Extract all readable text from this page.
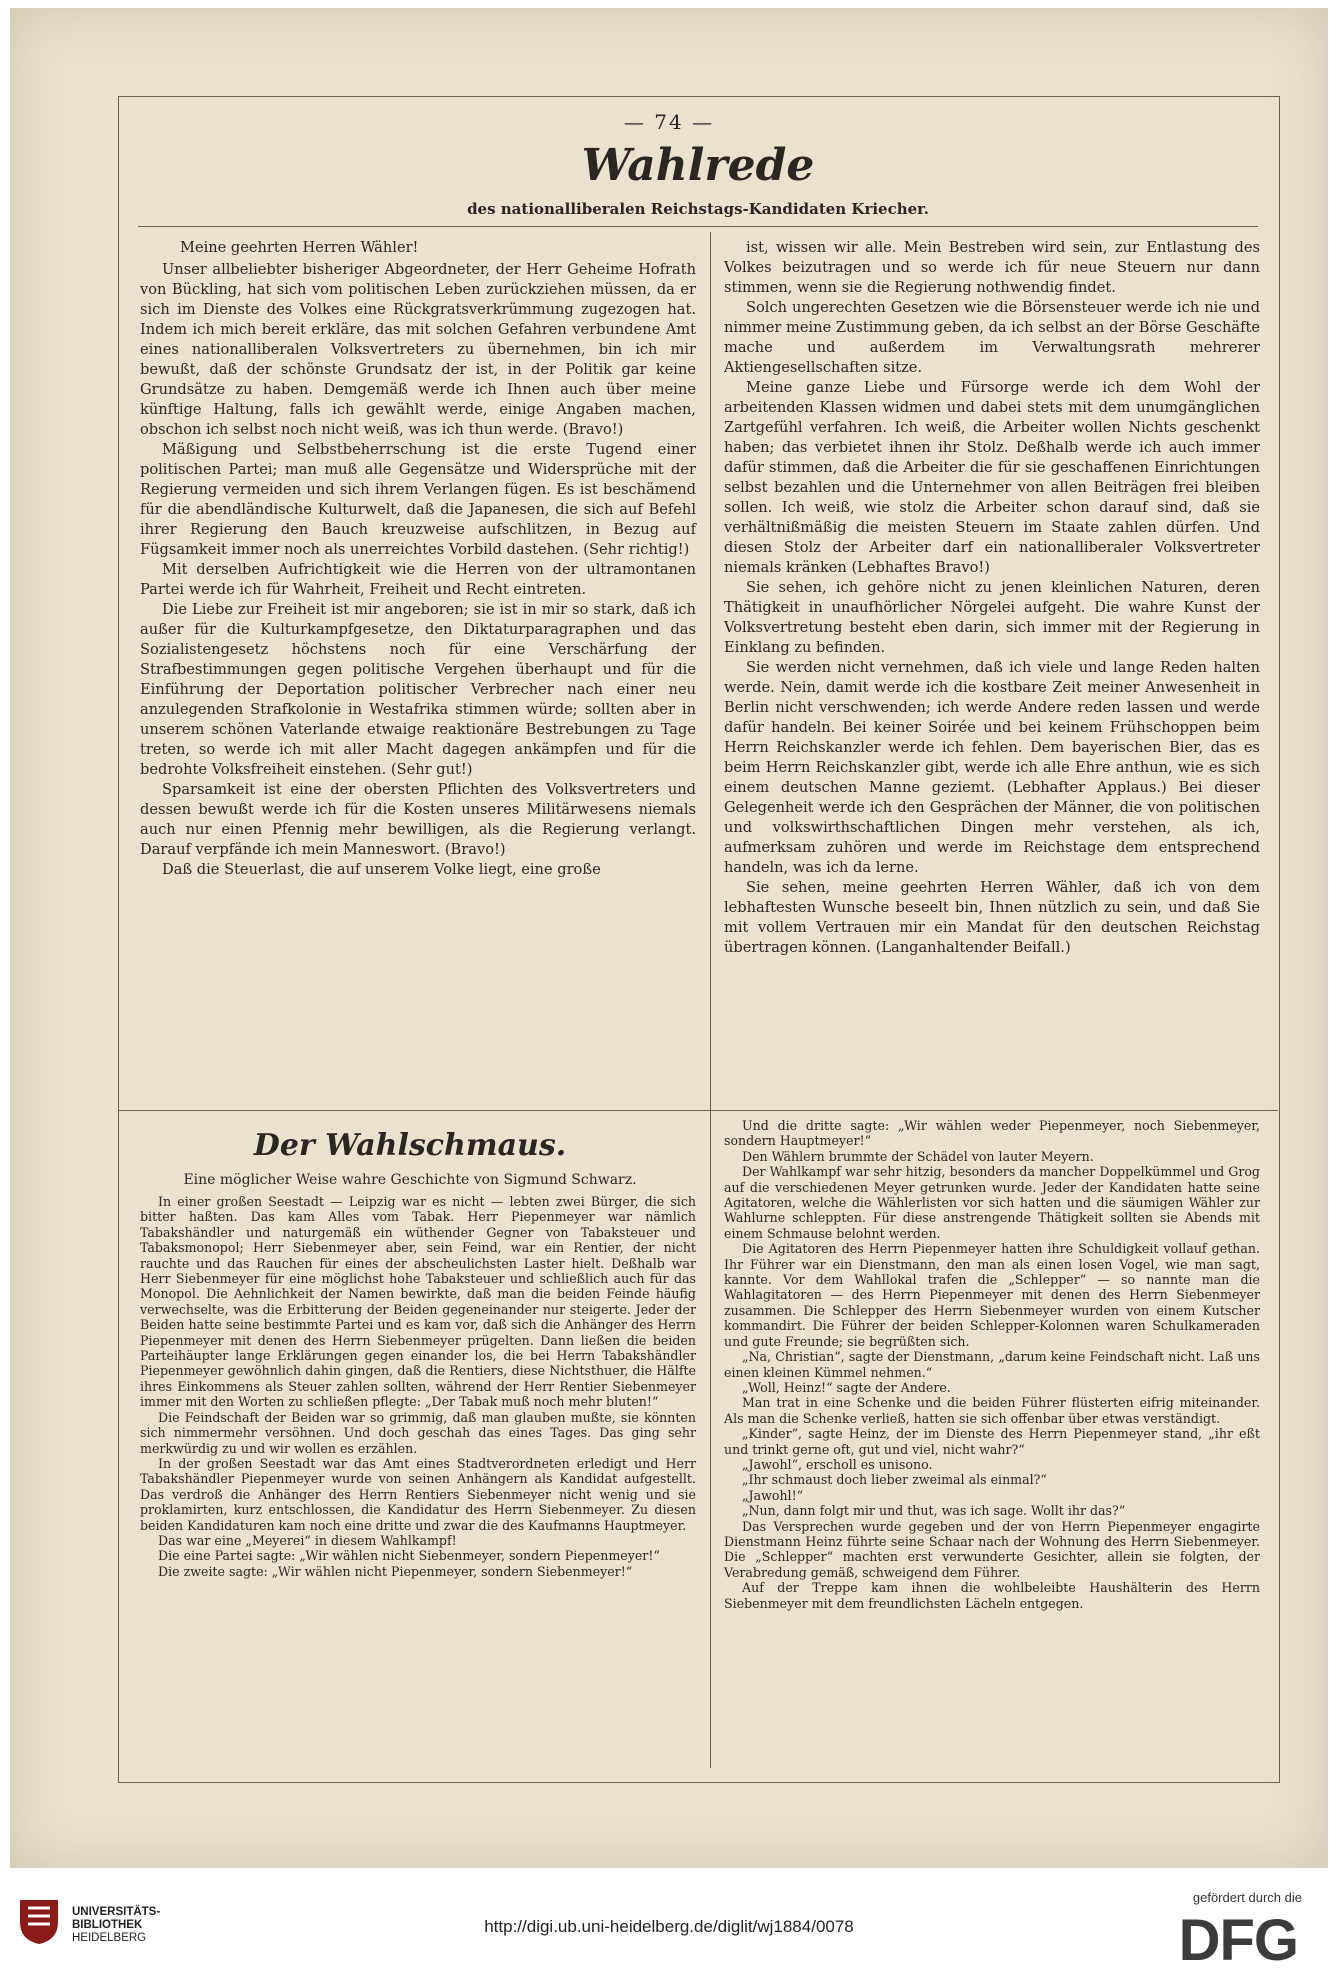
— 74 —
Wahlrede
des nationalliberalen Reichstags-Kandidaten Kriecher.

Meine geehrten Herren Wähler!

Unser allbeliebter bisheriger Abgeordneter, der Herr Geheime Hofrath von Bückling, hat sich vom politischen Leben zurückziehen müssen, da er sich im Dienste des Volkes eine Rückgratsverkrümmung zugezogen hat. Indem ich mich bereit erkläre, das mit solchen Gefahren verbundene Amt eines nationalliberalen Volksvertreters zu übernehmen, bin ich mir bewußt, daß der schönste Grundsatz der ist, in der Politik gar keine Grundsätze zu haben. Demgemäß werde ich Ihnen auch über meine künftige Haltung, falls ich gewählt werde, einige Angaben machen, obschon ich selbst noch nicht weiß, was ich thun werde. (Bravo!)

Mäßigung und Selbstbeherrschung ist die erste Tugend einer politischen Partei; man muß alle Gegensätze und Widersprüche mit der Regierung vermeiden und sich ihrem Verlangen fügen. Es ist beschämend für die abendländische Kulturwelt, daß die Japanesen, die sich auf Befehl ihrer Regierung den Bauch kreuzweise aufschlitzen, in Bezug auf Fügsamkeit immer noch als unerreichtes Vorbild dastehen. (Sehr richtig!)

Mit derselben Aufrichtigkeit wie die Herren von der ultramontanen Partei werde ich für Wahrheit, Freiheit und Recht eintreten.

Die Liebe zur Freiheit ist mir angeboren; sie ist in mir so stark, daß ich außer für die Kulturkampfgesetze, den Diktaturparagraphen und das Sozialistengesetz höchstens noch für eine Verschärfung der Strafbestimmungen gegen politische Vergehen überhaupt und für die Einführung der Deportation politischer Verbrecher nach einer neu anzulegenden Strafkolonie in Westafrika stimmen würde; sollten aber in unserem schönen Vaterlande etwaige reaktionäre Bestrebungen zu Tage treten, so werde ich mit aller Macht dagegen ankämpfen und für die bedrohte Volksfreiheit einstehen. (Sehr gut!)

Sparsamkeit ist eine der obersten Pflichten des Volksvertreters und dessen bewußt werde ich für die Kosten unseres Militärwesens niemals auch nur einen Pfennig mehr bewilligen, als die Regierung verlangt. Darauf verpfände ich mein Manneswort. (Bravo!)

Daß die Steuerlast, die auf unserem Volke liegt, eine große

ist, wissen wir alle. Mein Bestreben wird sein, zur Entlastung des Volkes beizutragen und so werde ich für neue Steuern nur dann stimmen, wenn sie die Regierung nothwendig findet.

Solch ungerechten Gesetzen wie die Börsensteuer werde ich nie und nimmer meine Zustimmung geben, da ich selbst an der Börse Geschäfte mache und außerdem im Verwaltungsrath mehrerer Aktiengesellschaften sitze.

Meine ganze Liebe und Fürsorge werde ich dem Wohl der arbeitenden Klassen widmen und dabei stets mit dem unumgänglichen Zartgefühl verfahren. Ich weiß, die Arbeiter wollen Nichts geschenkt haben; das verbietet ihnen ihr Stolz. Deßhalb werde ich auch immer dafür stimmen, daß die Arbeiter die für sie geschaffenen Einrichtungen selbst bezahlen und die Unternehmer von allen Beiträgen frei bleiben sollen. Ich weiß, wie stolz die Arbeiter schon darauf sind, daß sie verhältnißmäßig die meisten Steuern im Staate zahlen dürfen. Und diesen Stolz der Arbeiter darf ein nationalliberaler Volksvertreter niemals kränken (Lebhaftes Bravo!)

Sie sehen, ich gehöre nicht zu jenen kleinlichen Naturen, deren Thätigkeit in unaufhörlicher Nörgelei aufgeht. Die wahre Kunst der Volksvertretung besteht eben darin, sich immer mit der Regierung in Einklang zu befinden.

Sie werden nicht vernehmen, daß ich viele und lange Reden halten werde. Nein, damit werde ich die kostbare Zeit meiner Anwesenheit in Berlin nicht verschwenden; ich werde Andere reden lassen und werde dafür handeln. Bei keiner Soirée und bei keinem Frühschoppen beim Herrn Reichskanzler werde ich fehlen. Dem bayerischen Bier, das es beim Herrn Reichskanzler gibt, werde ich alle Ehre anthun, wie es sich einem deutschen Manne geziemt. (Lebhafter Applaus.) Bei dieser Gelegenheit werde ich den Gesprächen der Männer, die von politischen und volkswirthschaftlichen Dingen mehr verstehen, als ich, aufmerksam zuhören und werde im Reichstage dem entsprechend handeln, was ich da lerne.

Sie sehen, meine geehrten Herren Wähler, daß ich von dem lebhaftesten Wunsche beseelt bin, Ihnen nützlich zu sein, und daß Sie mit vollem Vertrauen mir ein Mandat für den deutschen Reichstag übertragen können. (Langanhaltender Beifall.)

Der Wahlschmaus.
Eine möglicher Weise wahre Geschichte von Sigmund Schwarz.

In einer großen Seestadt — Leipzig war es nicht — lebten zwei Bürger, die sich bitter haßten. Das kam Alles vom Tabak. Herr Piepenmeyer war nämlich Tabakshändler und naturgemäß ein wüthender Gegner von Tabaksteuer und Tabaksmonopol; Herr Siebenmeyer aber, sein Feind, war ein Rentier, der nicht rauchte und das Rauchen für eines der abscheulichsten Laster hielt. Deßhalb war Herr Siebenmeyer für eine möglichst hohe Tabaksteuer und schließlich auch für das Monopol. Die Aehnlichkeit der Namen bewirkte, daß man die beiden Feinde häufig verwechselte, was die Erbitterung der Beiden gegeneinander nur steigerte. Jeder der Beiden hatte seine bestimmte Partei und es kam vor, daß sich die Anhänger des Herrn Piepenmeyer mit denen des Herrn Siebenmeyer prügelten. Dann ließen die beiden Parteihäupter lange Erklärungen gegen einander los, die bei Herrn Tabakshändler Piepenmeyer gewöhnlich dahin gingen, daß die Rentiers, diese Nichtsthuer, die Hälfte ihres Einkommens als Steuer zahlen sollten, während der Herr Rentier Siebenmeyer immer mit den Worten zu schließen pflegte: „Der Tabak muß noch mehr bluten!“

Die Feindschaft der Beiden war so grimmig, daß man glauben mußte, sie könnten sich nimmermehr versöhnen. Und doch geschah das eines Tages. Das ging sehr merkwürdig zu und wir wollen es erzählen.

In der großen Seestadt war das Amt eines Stadtverordneten erledigt und Herr Tabakshändler Piepenmeyer wurde von seinen Anhängern als Kandidat aufgestellt. Das verdroß die Anhänger des Herrn Rentiers Siebenmeyer nicht wenig und sie proklamirten, kurz entschlossen, die Kandidatur des Herrn Siebenmeyer. Zu diesen beiden Kandidaturen kam noch eine dritte und zwar die des Kaufmanns Hauptmeyer.

Das war eine „Meyerei“ in diesem Wahlkampf!

Die eine Partei sagte: „Wir wählen nicht Siebenmeyer, sondern Piepenmeyer!“

Die zweite sagte: „Wir wählen nicht Piepenmeyer, sondern Siebenmeyer!“

Und die dritte sagte: „Wir wählen weder Piepenmeyer, noch Siebenmeyer, sondern Hauptmeyer!“

Den Wählern brummte der Schädel von lauter Meyern.

Der Wahlkampf war sehr hitzig, besonders da mancher Doppelkümmel und Grog auf die verschiedenen Meyer getrunken wurde. Jeder der Kandidaten hatte seine Agitatoren, welche die Wählerlisten vor sich hatten und die säumigen Wähler zur Wahlurne schleppten. Für diese anstrengende Thätigkeit sollten sie Abends mit einem Schmause belohnt werden.

Die Agitatoren des Herrn Piepenmeyer hatten ihre Schuldigkeit vollauf gethan. Ihr Führer war ein Dienstmann, den man als einen losen Vogel, wie man sagt, kannte. Vor dem Wahllokal trafen die „Schlepper“ — so nannte man die Wahlagitatoren — des Herrn Piepenmeyer mit denen des Herrn Siebenmeyer zusammen. Die Schlepper des Herrn Siebenmeyer wurden von einem Kutscher kommandirt. Die Führer der beiden Schlepper-Kolonnen waren Schulkameraden und gute Freunde; sie begrüßten sich.

„Na, Christian“, sagte der Dienstmann, „darum keine Feindschaft nicht. Laß uns einen kleinen Kümmel nehmen.“

„Woll, Heinz!“ sagte der Andere.

Man trat in eine Schenke und die beiden Führer flüsterten eifrig miteinander. Als man die Schenke verließ, hatten sie sich offenbar über etwas verständigt.

„Kinder“, sagte Heinz, der im Dienste des Herrn Piepenmeyer stand, „ihr eßt und trinkt gerne oft, gut und viel, nicht wahr?“

„Jawohl“, erscholl es unisono.

„Ihr schmaust doch lieber zweimal als einmal?“

„Jawohl!“

„Nun, dann folgt mir und thut, was ich sage. Wollt ihr das?“

Das Versprechen wurde gegeben und der von Herrn Piepenmeyer engagirte Dienstmann Heinz führte seine Schaar nach der Wohnung des Herrn Siebenmeyer. Die „Schlepper“ machten erst verwunderte Gesichter, allein sie folgten, der Verabredung gemäß, schweigend dem Führer.

Auf der Treppe kam ihnen die wohlbeleibte Haushälterin des Herrn Siebenmeyer mit dem freundlichsten Lächeln entgegen.

UNIVERSITÄTS-
BIBLIOTHEK
HEIDELBERG
http://digi.ub.uni-heidelberg.de/diglit/wj1884/0078
gefördert durch die
DFG
